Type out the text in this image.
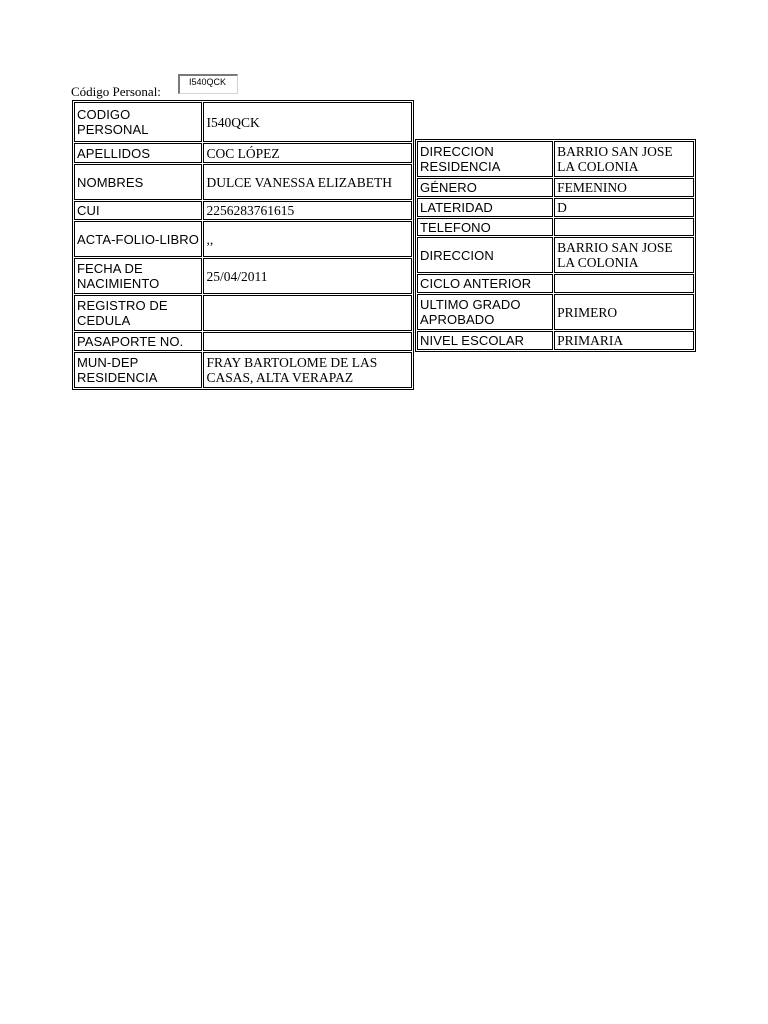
Código Personal:
I540QCK
CODIGO PERSONAL	I540QCK
APELLIDOS	COC LÓPEZ
NOMBRES	DULCE VANESSA ELIZABETH
CUI	2256283761615
ACTA-FOLIO-LIBRO	,,
FECHA DE NACIMIENTO	25/04/2011
REGISTRO DE CEDULA	
PASAPORTE NO.	
MUN-DEP RESIDENCIA	FRAY BARTOLOME DE LAS CASAS, ALTA VERAPAZ
DIRECCION RESIDENCIA	BARRIO SAN JOSE LA COLONIA
GÉNERO	FEMENINO
LATERIDAD	D
TELEFONO	
DIRECCION	BARRIO SAN JOSE LA COLONIA
CICLO ANTERIOR	
ULTIMO GRADO APROBADO	PRIMERO
NIVEL ESCOLAR	PRIMARIA
